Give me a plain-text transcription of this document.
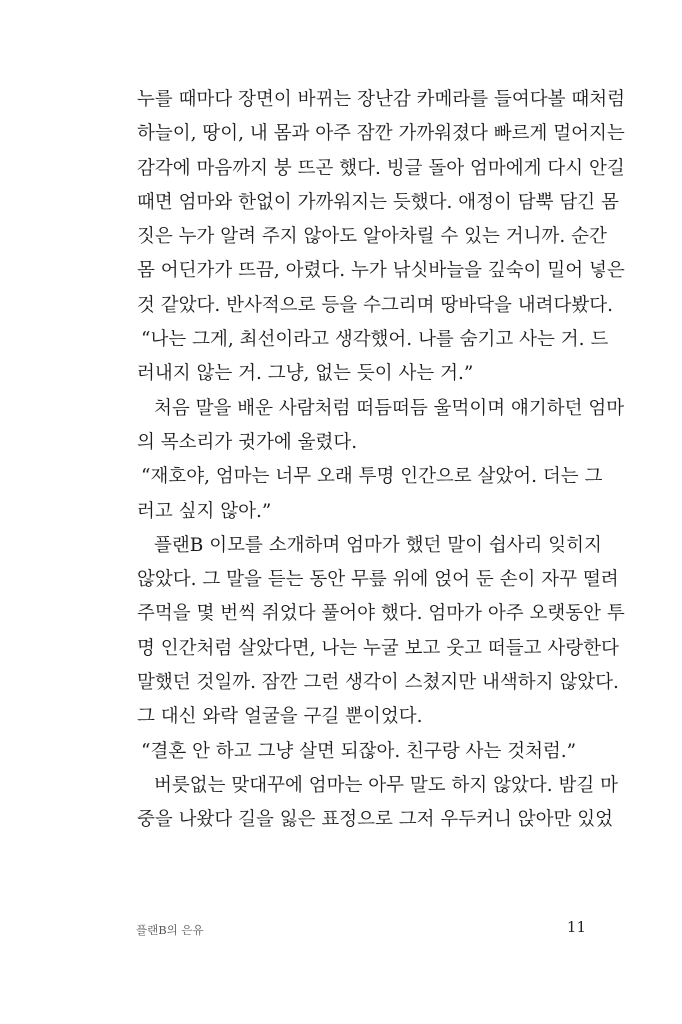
누를 때마다 장면이 바뀌는 장난감 카메라를 들여다볼 때처럼
하늘이, 땅이, 내 몸과 아주 잠깐 가까워졌다 빠르게 멀어지는
감각에 마음까지 붕 뜨곤 했다. 빙글 돌아 엄마에게 다시 안길
때면 엄마와 한없이 가까워지는 듯했다. 애정이 담뿍 담긴 몸
짓은 누가 알려 주지 않아도 알아차릴 수 있는 거니까. 순간
몸 어딘가가 뜨끔, 아렸다. 누가 낚싯바늘을 깊숙이 밀어 넣은
것 같았다. 반사적으로 등을 수그리며 땅바닥을 내려다봤다.
“나는 그게, 최선이라고 생각했어. 나를 숨기고 사는 거. 드
러내지 않는 거. 그냥, 없는 듯이 사는 거.”
처음 말을 배운 사람처럼 떠듬떠듬 울먹이며 얘기하던 엄마
의 목소리가 귓가에 울렸다.
“재호야, 엄마는 너무 오래 투명 인간으로 살았어. 더는 그
러고 싶지 않아.”
플랜B 이모를 소개하며 엄마가 했던 말이 쉽사리 잊히지
않았다. 그 말을 듣는 동안 무릎 위에 얹어 둔 손이 자꾸 떨려
주먹을 몇 번씩 쥐었다 풀어야 했다. 엄마가 아주 오랫동안 투
명 인간처럼 살았다면, 나는 누굴 보고 웃고 떠들고 사랑한다
말했던 것일까. 잠깐 그런 생각이 스쳤지만 내색하지 않았다.
그 대신 와락 얼굴을 구길 뿐이었다.
“결혼 안 하고 그냥 살면 되잖아. 친구랑 사는 것처럼.”
버릇없는 맞대꾸에 엄마는 아무 말도 하지 않았다. 밤길 마
중을 나왔다 길을 잃은 표정으로 그저 우두커니 앉아만 있었
플랜B의 은유	11
